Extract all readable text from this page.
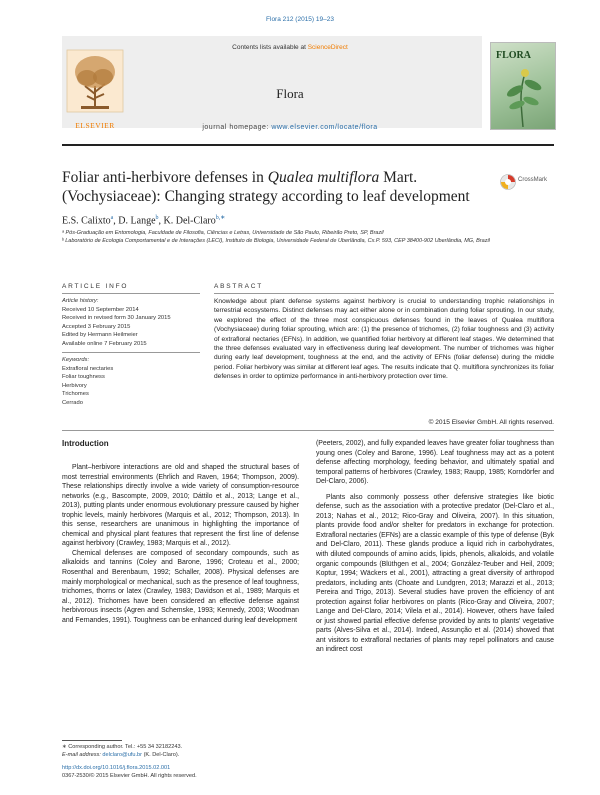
Flora 212 (2015) 19–23
ELSEVIER
Contents lists available at ScienceDirect
Flora
journal homepage: www.elsevier.com/locate/flora
FLORA
Foliar anti-herbivore defenses in Qualea multiflora Mart. (Vochysiaceae): Changing strategy according to leaf development
CrossMark
E.S. Calixto$^a$, D. Lange$^b$, K. Del-Claro$^{b,∗}$
ᵃ Pós-Graduação em Entomologia, Faculdade de Filosofia, Ciências e Letras, Universidade de São Paulo, Ribeirão Preto, SP, Brazil
ᵇ Laboratório de Ecologia Comportamental e de Interações (LECI), Instituto de Biologia, Universidade Federal de Uberlândia, Cx.P. 593, CEP 38400-902 Uberlândia, MG, Brazil
ARTICLE INFO	ABSTRACT
Article history:
Received 10 September 2014
Received in revised form 30 January 2015
Accepted 3 February 2015
Edited by Hermann Heilmeier
Available online 7 February 2015
Keywords:
Extrafloral nectaries
Foliar toughness
Herbivory
Trichomes
Cerrado
Knowledge about plant defense systems against herbivory is crucial to understanding trophic relationships in terrestrial ecosystems. Distinct defenses may act either alone or in combination during foliar sprouting. In our study, we explored the effect of the three most conspicuous defenses found in the leaves of Qualea multiflora (Vochysiaceae) during foliar sprouting, which are: (1) the presence of trichomes, (2) foliar toughness and (3) activity of extrafloral nectaries (EFNs). In addition, we quantified foliar herbivory at different leaf stages. We determined that the three defenses evaluated vary in effectiveness during leaf development. The number of trichomes was higher during early leaf development, toughness at the end, and the activity of EFNs (foliar defense) during the middle period. Foliar herbivory was similar at different leaf ages. The results indicate that Q. multiflora synchronizes its foliar defenses in order to optimize performance in anti-herbivory protection over time.
© 2015 Elsevier GmbH. All rights reserved.
Introduction

Plant–herbivore interactions are old and shaped the structural bases of most terrestrial environments (Ehrlich and Raven, 1964; Thompson, 2009). These relationships directly involve a wide variety of consumption-resource networks (e.g., Bascompte, 2009, 2010; Dáttilo et al., 2013; Lange et al., 2013), putting plants under enormous evolutionary pressure caused by higher trophic levels, mainly herbivores (Marquis et al., 2012; Thompson, 2013). In this sense, researchers are unanimous in highlighting the importance of chemical and physical plant features that represent the first line of defense against herbivory (Crawley, 1983; Marquis et al., 2012).

Chemical defenses are composed of secondary compounds, such as alkaloids and tannins (Coley and Barone, 1996; Croteau et al., 2000; Rosenthal and Berenbaum, 1992; Schaller, 2008). Physical defenses are mainly morphological or mechanical, such as the presence of leaf toughness, trichomes, thorns or latex (Crawley, 1983; Davidson et al., 1989; Marquis et al., 2012). Trichomes have been considered an effective defense against herbivorous insects (Agren and Schemske, 1993; Kennedy, 2003; Woodman and Fernandes, 1991). Toughness can be enhanced during leaf development

(Peeters, 2002), and fully expanded leaves have greater foliar toughness than young ones (Coley and Barone, 1996). Leaf toughness may act as a potent defense affecting morphology, feeding behavior, and ultimately spatial and temporal patterns of herbivores (Crawley, 1983; Raupp, 1985; Korndörfer and Del-Claro, 2006).

Plants also commonly possess other defensive strategies like biotic defense, such as the association with a protective predator (Del-Claro et al., 2013; Nahas et al., 2012; Rico-Gray and Oliveira, 2007). In this situation, plants provide food and/or shelter for predators in exchange for protection. Extrafloral nectaries (EFNs) are a classic example of this type of defense (Byk and Del-Claro, 2011). These glands produce a liquid rich in carbohydrates, with diluted compounds of amino acids, lipids, phenols, alkaloids, and volatile organic compounds (Blüthgen et al., 2004; González-Teuber and Heil, 2009; Koptur, 1994; Wäckers et al., 2001), attracting a great diversity of arthropod predators, including ants (Choate and Lundgren, 2013; Marazzi et al., 2013; Pereira and Trigo, 2013). Several studies have proven the efficiency of ant protection against foliar herbivores on plants (Rico-Gray and Oliveira, 2007; Lange and Del-Claro, 2014; Vilela et al., 2014). However, others have failed or just showed partial effective defense provided by ants to plants' vegetative parts (Alves-Silva et al., 2014). Indeed, Assunção et al. (2014) showed that ant visitors to extrafloral nectaries of plants may repel pollinators and cause an indirect cost

∗ Corresponding author. Tel.: +55 34 32182243.
E-mail address: delclaro@ufu.br (K. Del-Claro).
http://dx.doi.org/10.1016/j.flora.2015.02.001
0367-2530/© 2015 Elsevier GmbH. All rights reserved.
